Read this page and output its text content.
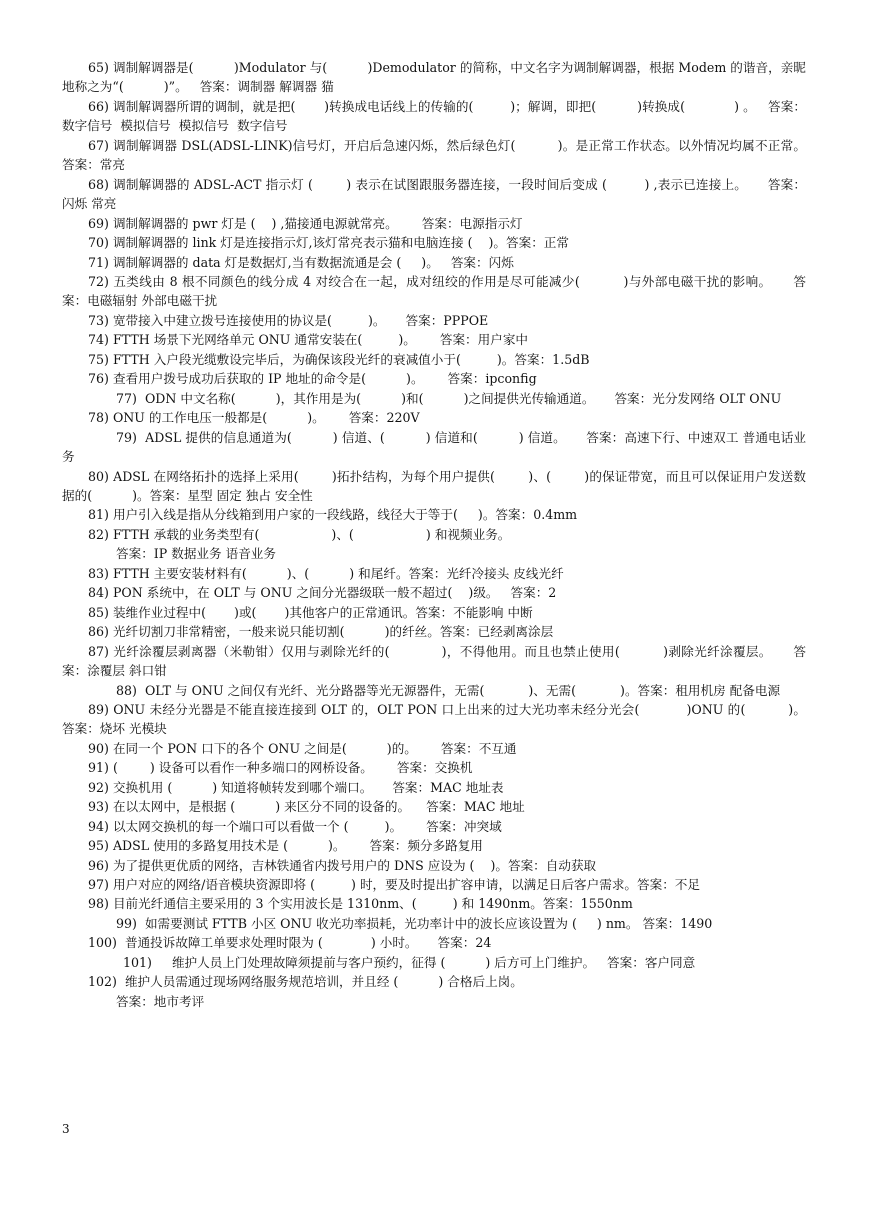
65) 调制解调器是(          )Modulator 与(          )Demodulator 的简称，中文名字为调制解调器，根据 Modem 的谐音，亲昵地称之为“(          )”。   答案：调制器 解调器 猫

66) 调制解调器所谓的调制，就是把(       )转换成电话线上的传输的(         )；解调，即把(          )转换成(            ) 。   答案：数字信号  模拟信号  模拟信号  数字信号

67) 调制解调器 DSL(ADSL-LINK)信号灯，开启后急速闪烁，然后绿色灯(          )。是正常工作状态。以外情况均属不正常。     答案：常亮

68) 调制解调器的 ADSL-ACT 指示灯 (        ) 表示在试图跟服务器连接，一段时间后变成 (         ) ,表示已连接上。     答案：闪烁 常亮

69) 调制解调器的 pwr 灯是 (    ) ,猫接通电源就常亮。      答案：电源指示灯

70) 调制解调器的 link 灯是连接指示灯,该灯常亮表示猫和电脑连接 (    )。答案：正常

71) 调制解调器的 data 灯是数据灯,当有数据流通是会 (     )。   答案：闪烁

72) 五类线由 8 根不同颜色的线分成 4 对绞合在一起，成对纽绞的作用是尽可能减少(          )与外部电磁干扰的影响。     答案：电磁辐射 外部电磁干扰

73) 宽带接入中建立拨号连接使用的协议是(         )。     答案：PPPOE

74) FTTH 场景下光网络单元 ONU 通常安装在(         )。      答案：用户家中

75) FTTH 入户段光缆敷设完毕后，为确保该段光纤的衰减值小于(         )。答案：1.5dB

76) 查看用户拨号成功后获取的 IP 地址的命令是(          )。      答案：ipconfig

77)  ODN 中文名称(          )，其作用是为(          )和(          )之间提供光传输通道。     答案：光分发网络 OLT ONU

78) ONU 的工作电压一般都是(          )。      答案：220V

79)  ADSL 提供的信息通道为(          ) 信道、(          ) 信道和(          ) 信道。     答案：高速下行、中速双工 普通电话业务

80) ADSL 在网络拓扑的选择上采用(        )拓扑结构，为每个用户提供(        )、(        )的保证带宽，而且可以保证用户发送数据的(          )。答案：星型 固定 独占 安全性

81) 用户引入线是指从分线箱到用户家的一段线路，线径大于等于(     )。答案：0.4mm

82) FTTH 承载的业务类型有(                  )、(                  ) 和视频业务。

答案：IP 数据业务 语音业务

83) FTTH 主要安装材料有(          )、(          ) 和尾纤。答案：光纤冷接头 皮线光纤

84) PON 系统中，在 OLT 与 ONU 之间分光器级联一般不超过(    )级。   答案：2

85) 装维作业过程中(       )或(       )其他客户的正常通讯。答案：不能影响 中断

86) 光纤切割刀非常精密，一般来说只能切割(          )的纤丝。答案：已经剥离涂层

87) 光纤涂覆层剥离器（米勒钳）仅用与剥除光纤的(            )，不得他用。而且也禁止使用(          )剥除光纤涂覆层。     答案：涂覆层 斜口钳

88)  OLT 与 ONU 之间仅有光纤、光分路器等光无源器件，无需(           )、无需(           )。答案：租用机房 配备电源

89) ONU 未经分光器是不能直接连接到 OLT 的，OLT PON 口上出来的过大光功率未经分光会(           )ONU 的(          )。     答案：烧坏 光模块

90) 在同一个 PON 口下的各个 ONU 之间是(          )的。      答案：不互通

91) (        ) 设备可以看作一种多端口的网桥设备。      答案：交换机

92) 交换机用 (          ) 知道将帧转发到哪个端口。     答案：MAC 地址表

93) 在以太网中，是根据 (          ) 来区分不同的设备的。    答案：MAC 地址

94) 以太网交换机的每一个端口可以看做一个 (         )。      答案：冲突域

95) ADSL 使用的多路复用技术是 (          )。      答案：频分多路复用

96) 为了提供更优质的网络，吉林铁通省内拨号用户的 DNS 应设为 (    )。答案：自动获取

97) 用户对应的网络/语音模块资源即将 (         ) 时，要及时提出扩容申请，以满足日后客户需求。答案：不足

98) 目前光纤通信主要采用的 3 个实用波长是 1310nm、(         ) 和 1490nm。答案：1550nm

99)  如需要测试 FTTB 小区 ONU 收光功率损耗，光功率计中的波长应该设置为 (     ) nm。 答案：1490

100)  普通投诉故障工单要求处理时限为 (            ) 小时。     答案：24

101)     维护人员上门处理故障须提前与客户预约，征得 (          ) 后方可上门维护。   答案：客户同意

102)  维护人员需通过现场网络服务规范培训，并且经 (          ) 合格后上岗。

答案：地市考评

3
